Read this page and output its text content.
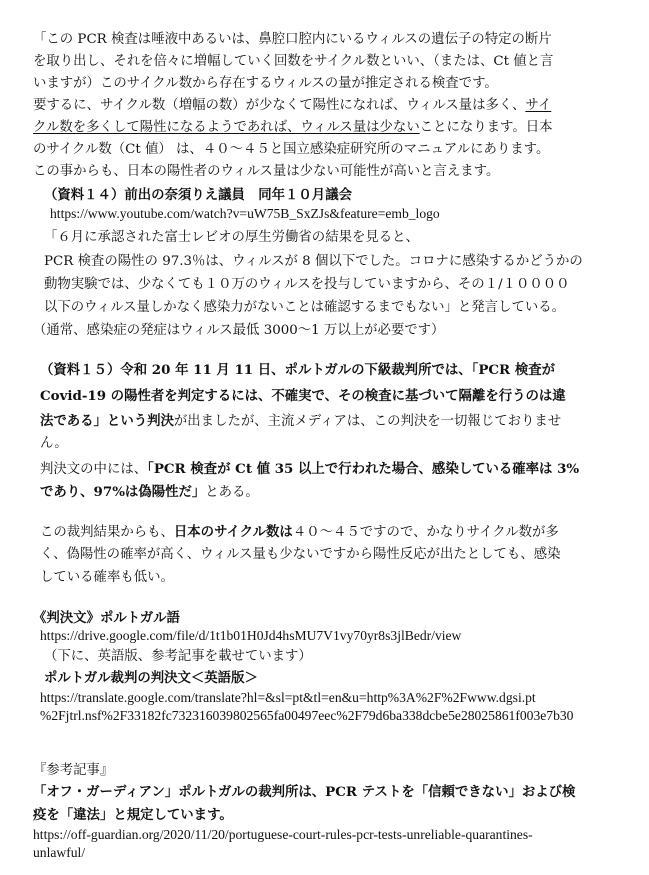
「この PCR 検査は唾液中あるいは、鼻腔口腔内にいるウィルスの遺伝子の特定の断片
を取り出し、それを倍々に増幅していく回数をサイクル数といい、（または、Ct 値と言
いますが）このサイクル数から存在するウィルスの量が推定される検査です。
要するに、サイクル数（増幅の数）が少なくて陽性になれば、ウィルス量は多く、サイ
クル数を多くして陽性になるようであれば、ウィルス量は少ないことになります。日本
のサイクル数（Ct 値） は、４０～４５と国立感染症研究所のマニュアルにあります。
この事からも、日本の陽性者のウィルス量は少ない可能性が高いと言えます。
（資料１４）前出の奈須りえ議員　同年１０月議会
https://www.youtube.com/watch?v=uW75B_SxZJs&feature=emb_logo
「６月に承認された富士レビオの厚生労働省の結果を見ると、
PCR 検査の陽性の 97.3％は、ウィルスが 8 個以下でした。コロナに感染するかどうかの
動物実験では、少なくても１０万のウィルスを投与していますから、その１/１００００
以下のウィルス量しかなく感染力がないことは確認するまでもない」と発言している。
（通常、感染症の発症はウィルス最低 3000～1 万以上が必要です）
（資料１５）令和 20 年 11 月 11 日、ポルトガルの下級裁判所では、「PCR 検査が
Covid-19 の陽性者を判定するには、不確実で、その検査に基づいて隔離を行うのは違
法である」という判決が出ましたが、主流メディアは、この判決を一切報じておりませ
ん。
判決文の中には、「PCR 検査が Ct 値 35 以上で行われた場合、感染している確率は 3%
であり、97%は偽陽性だ」とある。
この裁判結果からも、日本のサイクル数は４０～４５ですので、かなりサイクル数が多
く、偽陽性の確率が高く、ウィルス量も少ないですから陽性反応が出たとしても、感染
している確率も低い。
《判決文》ポルトガル語
https://drive.google.com/file/d/1t1b01H0Jd4hsMU7V1vy70yr8s3jlBedr/view
（下に、英語版、参考記事を載せています）
ポルトガル裁判の判決文＜英語版＞
https://translate.google.com/translate?hl=&sl=pt&tl=en&u=http%3A%2F%2Fwww.dgsi.pt
%2Fjtrl.nsf%2F33182fc732316039802565fa00497eec%2F79d6ba338dcbe5e28025861f003e7b30
『参考記事』
「オフ・ガーディアン」ポルトガルの裁判所は、PCR テストを「信頼できない」および検
疫を「違法」と規定しています。
https://off-guardian.org/2020/11/20/portuguese-court-rules-pcr-tests-unreliable-quarantines-
unlawful/
